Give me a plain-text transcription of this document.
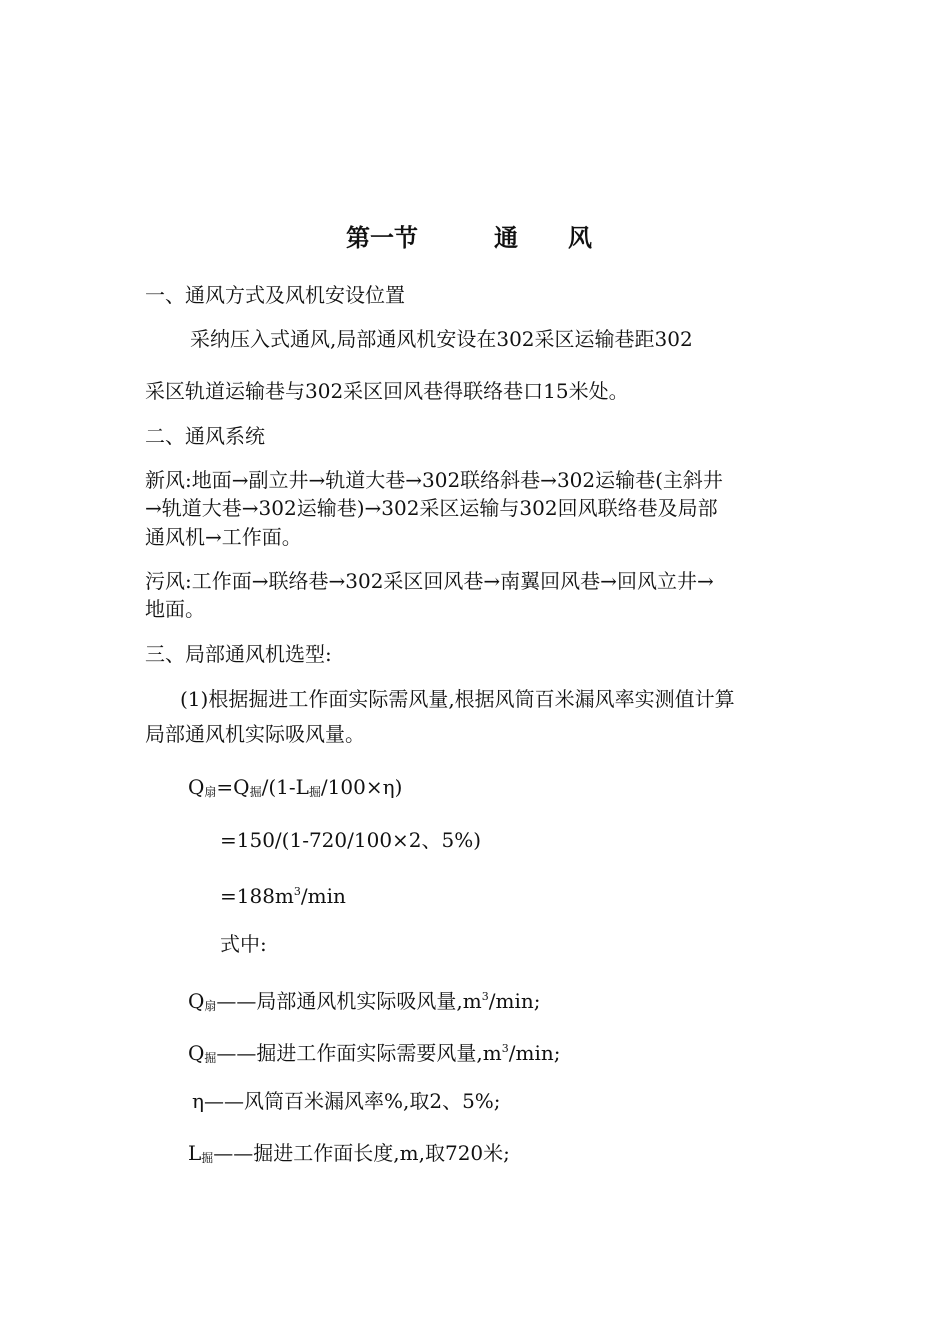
第一节	通 风

一、通风方式及风机安设位置

采纳压入式通风,局部通风机安设在302采区运输巷距302

采区轨道运输巷与302采区回风巷得联络巷口15米处。

二、通风系统

新风:地面→副立井→轨道大巷→302联络斜巷→302运输巷(主斜井

→轨道大巷→302运输巷)→302采区运输与302回风联络巷及局部

通风机→工作面。

污风:工作面→联络巷→302采区回风巷→南翼回风巷→回风立井→

地面。

三、局部通风机选型:

(1)根据掘进工作面实际需风量,根据风筒百米漏风率实测值计算

局部通风机实际吸风量。

$Q_扇=Q_掘/(1-L_掘/100\times\eta)$

=150/(1-720/100×2、5%)

$=188m^3/\min$

式中:

$Q_扇——$局部通风机实际吸风量$,m^3/\min$;

$Q_掘——$掘进工作面实际需要风量$,m^3/\min$;

η——风筒百米漏风率%,取2、5%;

$L_掘——$掘进工作面长度,m,取720米;
